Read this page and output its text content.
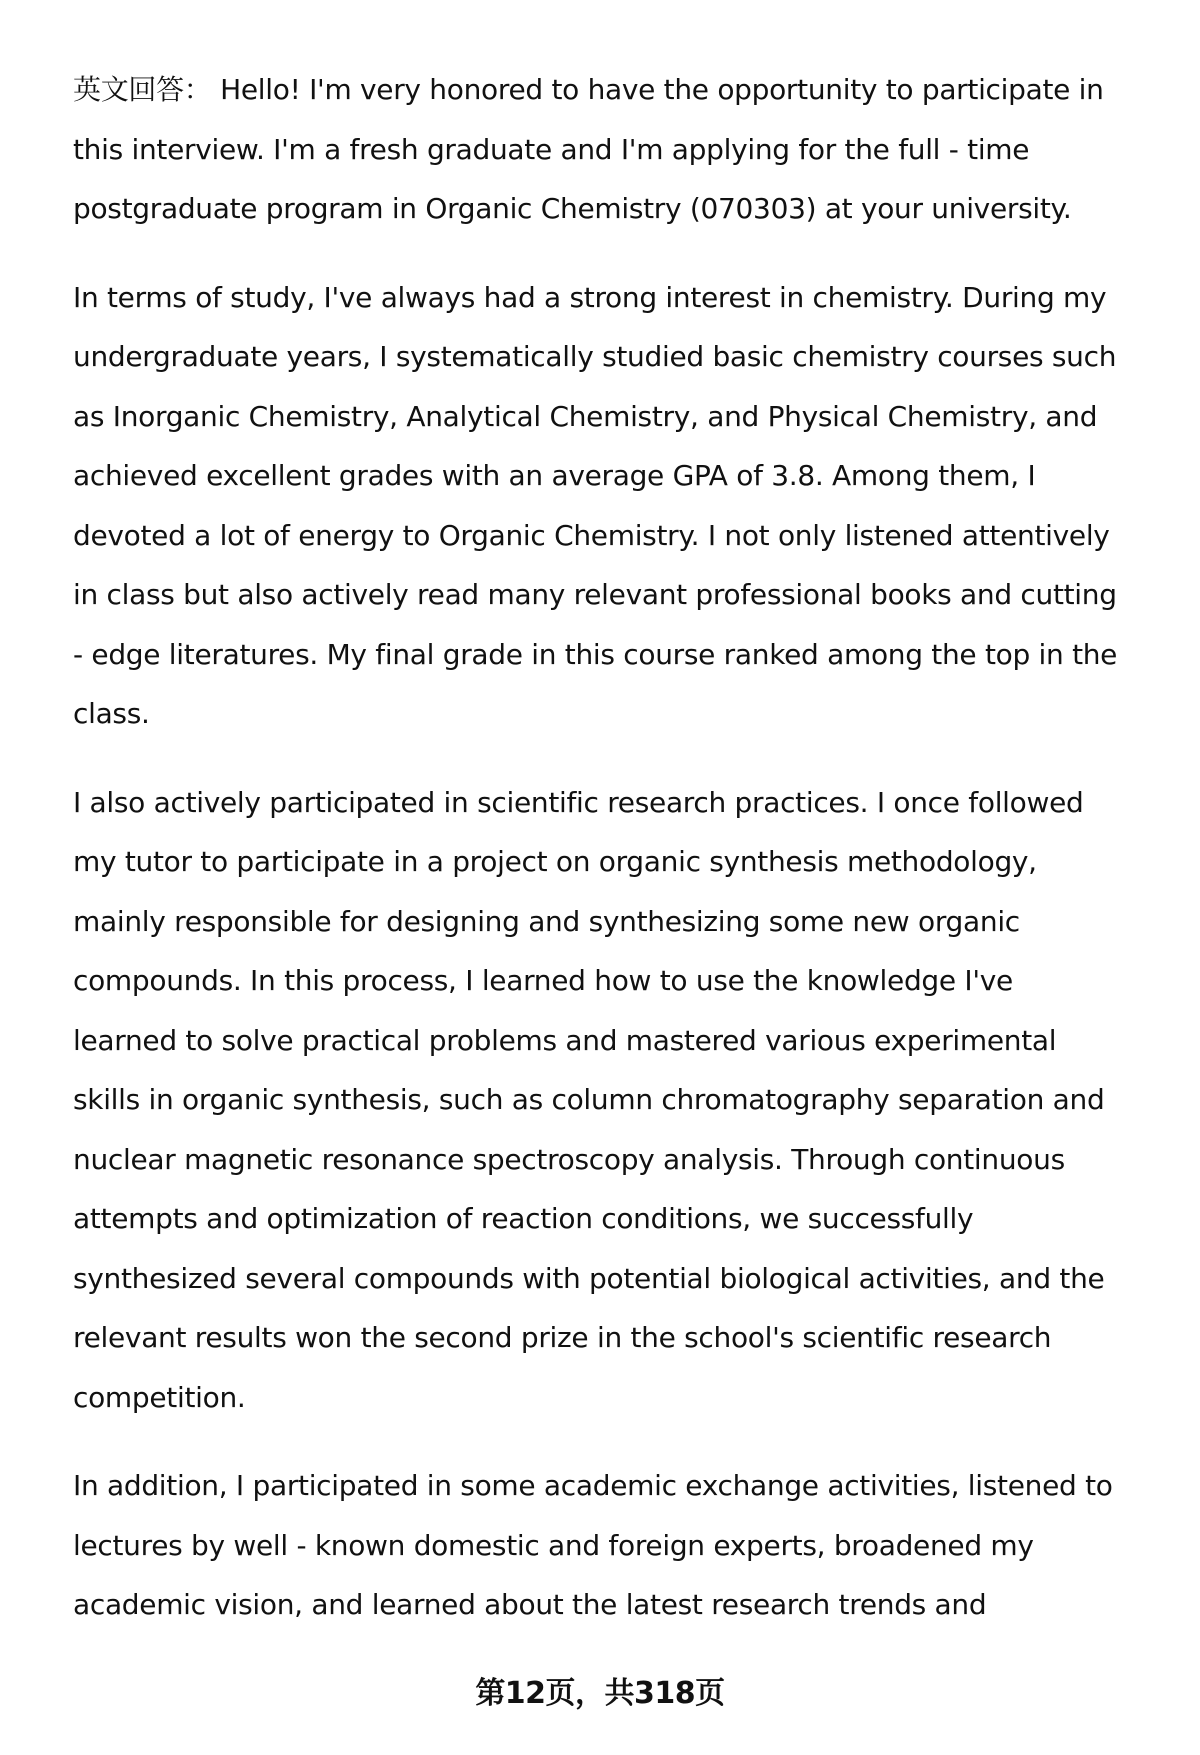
英文回答： Hello! I'm very honored to have the opportunity to participate in
this interview. I'm a fresh graduate and I'm applying for the full - time
postgraduate program in Organic Chemistry (070303) at your university.
In terms of study, I've always had a strong interest in chemistry. During my
undergraduate years, I systematically studied basic chemistry courses such
as Inorganic Chemistry, Analytical Chemistry, and Physical Chemistry, and
achieved excellent grades with an average GPA of 3.8. Among them, I
devoted a lot of energy to Organic Chemistry. I not only listened attentively
in class but also actively read many relevant professional books and cutting
- edge literatures. My final grade in this course ranked among the top in the
class.
I also actively participated in scientific research practices. I once followed
my tutor to participate in a project on organic synthesis methodology,
mainly responsible for designing and synthesizing some new organic
compounds. In this process, I learned how to use the knowledge I've
learned to solve practical problems and mastered various experimental
skills in organic synthesis, such as column chromatography separation and
nuclear magnetic resonance spectroscopy analysis. Through continuous
attempts and optimization of reaction conditions, we successfully
synthesized several compounds with potential biological activities, and the
relevant results won the second prize in the school's scientific research
competition.
In addition, I participated in some academic exchange activities, listened to
lectures by well - known domestic and foreign experts, broadened my
academic vision, and learned about the latest research trends and
第12页，共318页
